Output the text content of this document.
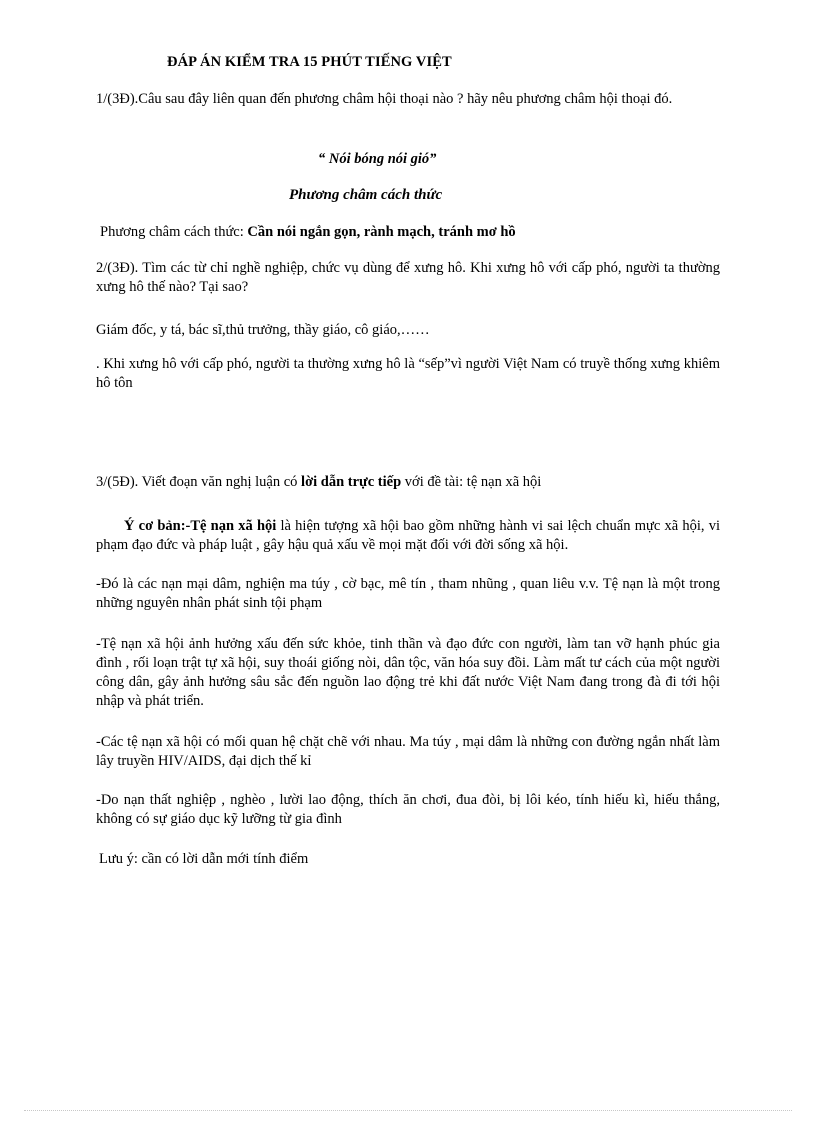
ĐÁP ÁN KIỂM TRA 15 PHÚT TIẾNG VIỆT
1/(3Đ).Câu sau đây liên quan đến phương châm hội thoại nào ? hãy nêu phương châm hội thoại đó.
“ Nói bóng nói gió”
Phương châm cách thức
Phương châm cách thức: Cần nói ngắn gọn, rành mạch, tránh mơ hồ
2/(3Đ). Tìm các từ chỉ nghề nghiệp, chức vụ dùng để xưng hô. Khi xưng hô với cấp phó, người ta thường xưng hô thế nào? Tại sao?
Giám đốc, y tá, bác sĩ,thủ trưởng, thầy giáo, cô giáo,……
. Khi xưng hô với cấp phó, người ta thường xưng hô là “sếp”vì người Việt Nam có truyề thống xưng khiêm hô tôn
3/(5Đ). Viết đoạn văn nghị luận có lời dẫn trực tiếp với đề tài: tệ nạn xã hội
Ý cơ bản:-Tệ nạn xã hội là hiện tượng xã hội bao gồm những hành vi sai lệch chuẩn mực xã hội, vi phạm đạo đức và pháp luật , gây hậu quả xấu về mọi mặt đối với đời sống xã hội.
-Đó là các nạn mại dâm, nghiện ma túy , cờ bạc, mê tín , tham nhũng , quan liêu v.v. Tệ nạn là một trong những nguyên nhân phát sinh tội phạm
-Tệ nạn xã hội ảnh hưởng xấu đến sức khỏe, tinh thần và đạo đức con người, làm tan vỡ hạnh phúc gia đình , rối loạn trật tự xã hội, suy thoái giống nòi, dân tộc, văn hóa suy đồi. Làm mất tư cách của một người công dân, gây ảnh hưởng sâu sắc đến nguồn lao động trẻ khi đất nước Việt Nam đang trong đà đi tới hội nhập và phát triển.
-Các tệ nạn xã hội có mối quan hệ chặt chẽ với nhau. Ma túy , mại dâm là những con đường ngắn nhất làm lây truyền HIV/AIDS, đại dịch thế kỉ
-Do nạn thất nghiệp , nghèo , lười lao động, thích ăn chơi, đua đòi, bị lôi kéo, tính hiếu kì, hiếu thắng, không có sự giáo dục kỹ lưỡng từ gia đình
Lưu ý: cần có lời dẫn mới tính điểm
